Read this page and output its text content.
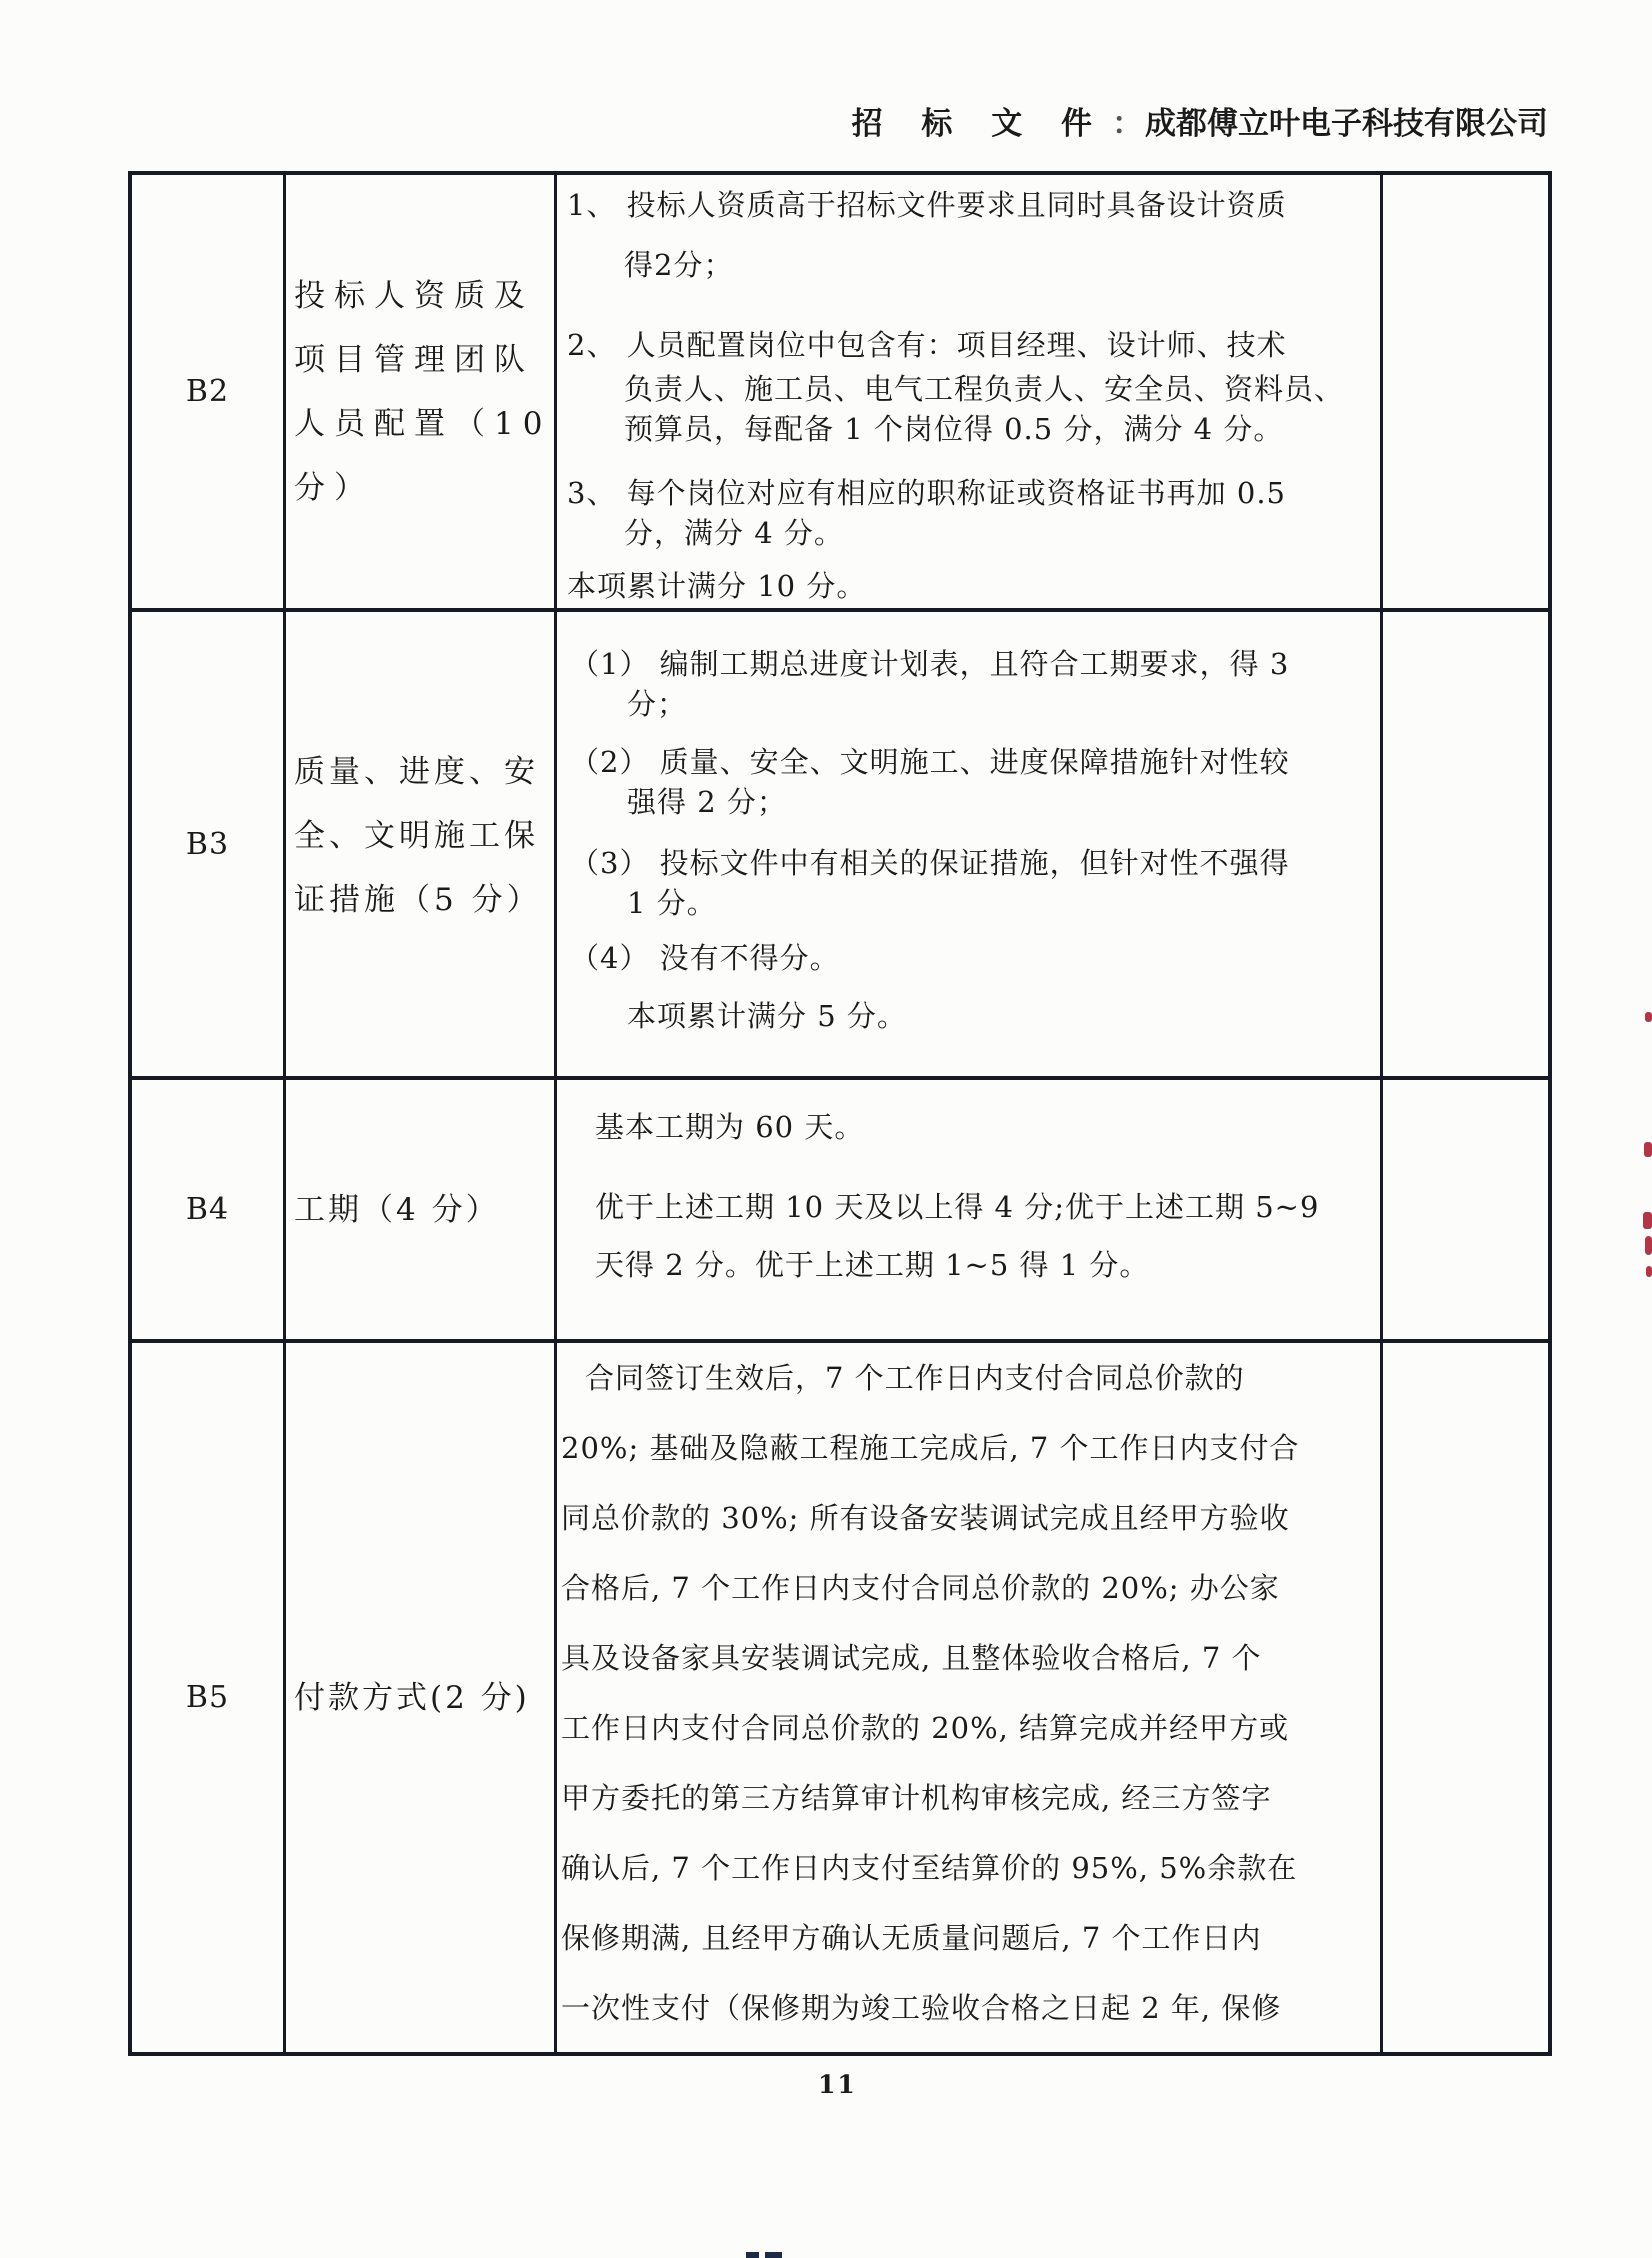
招 标 文 件 ：成都傅立叶电子科技有限公司
B2
投标人资质及
项目管理团队
人员配置（10
分）
1、 投标人资质高于招标文件要求且同时具备设计资质
得2分；
2、 人员配置岗位中包含有：项目经理、设计师、技术
负责人、施工员、电气工程负责人、安全员、资料员、
预算员，每配备 1 个岗位得 0.5 分，满分 4 分。
3、 每个岗位对应有相应的职称证或资格证书再加 0.5
分，满分 4 分。
本项累计满分 10 分。
B3
质量、进度、安
全、文明施工保
证措施（5 分）
（1） 编制工期总进度计划表，且符合工期要求，得 3
分；
（2） 质量、安全、文明施工、进度保障措施针对性较
强得 2 分；
（3） 投标文件中有相关的保证措施，但针对性不强得
1 分。
（4） 没有不得分。
本项累计满分 5 分。
B4	工期（4 分）
基本工期为 60 天。
优于上述工期 10 天及以上得 4 分;优于上述工期 5~9
天得 2 分。优于上述工期 1~5 得 1 分。
B5	付款方式(2 分)
合同签订生效后，7 个工作日内支付合同总价款的
20%; 基础及隐蔽工程施工完成后, 7 个工作日内支付合
同总价款的 30%; 所有设备安装调试完成且经甲方验收
合格后, 7 个工作日内支付合同总价款的 20%; 办公家
具及设备家具安装调试完成, 且整体验收合格后, 7 个
工作日内支付合同总价款的 20%, 结算完成并经甲方或
甲方委托的第三方结算审计机构审核完成, 经三方签字
确认后, 7 个工作日内支付至结算价的 95%, 5%余款在
保修期满, 且经甲方确认无质量问题后, 7 个工作日内
一次性支付（保修期为竣工验收合格之日起 2 年, 保修
11
